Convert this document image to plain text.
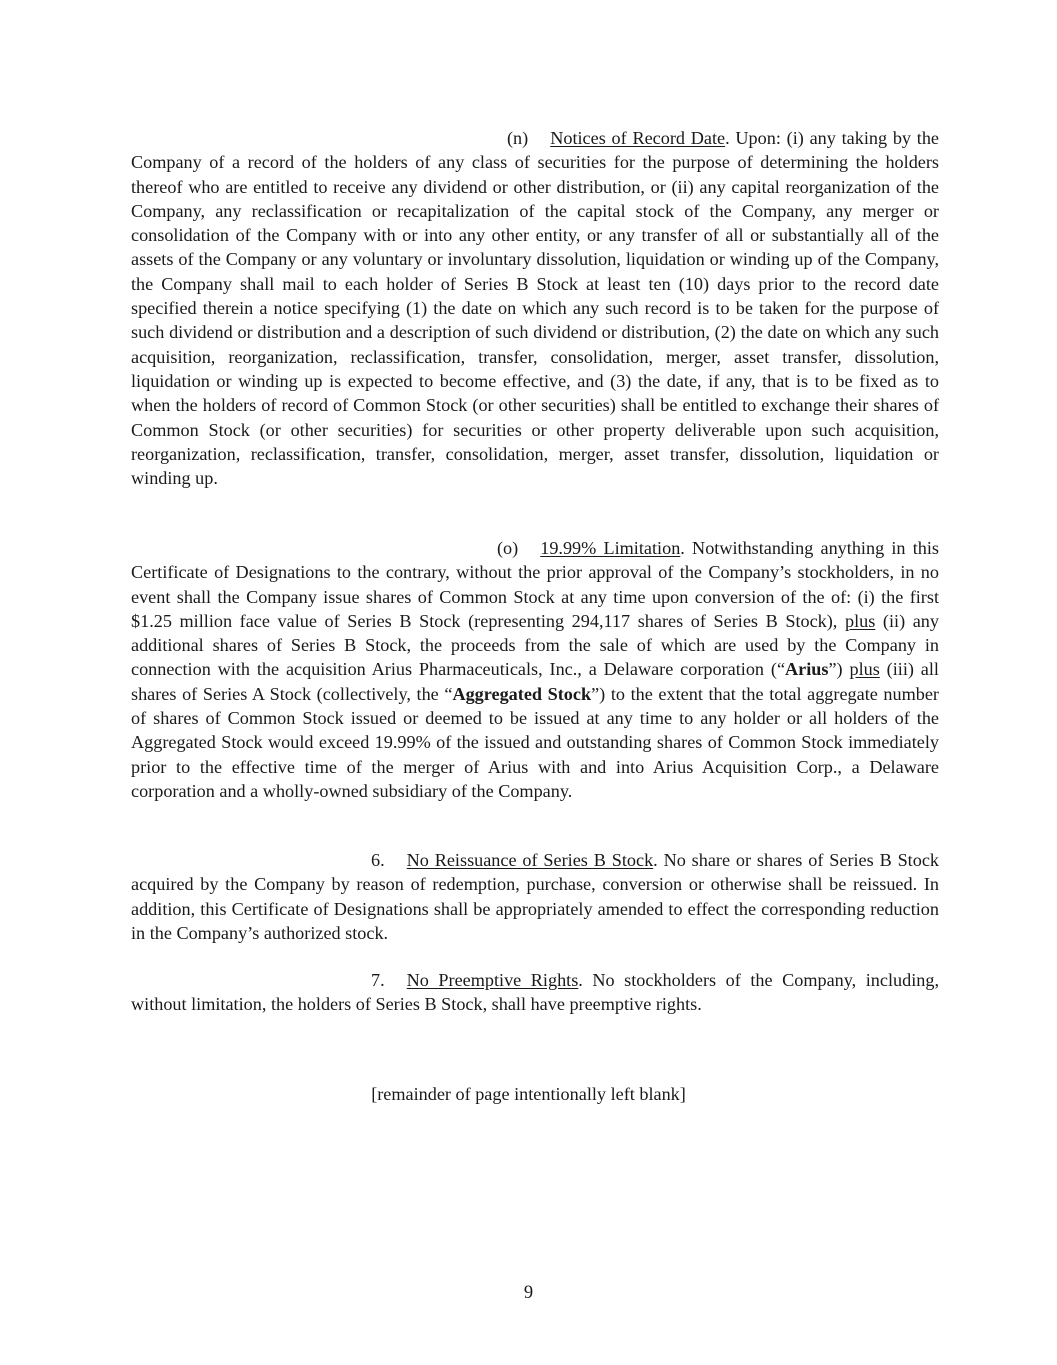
(n) Notices of Record Date. Upon: (i) any taking by the Company of a record of the holders of any class of securities for the purpose of determining the holders thereof who are entitled to receive any dividend or other distribution, or (ii) any capital reorganization of the Company, any reclassification or recapitalization of the capital stock of the Company, any merger or consolidation of the Company with or into any other entity, or any transfer of all or substantially all of the assets of the Company or any voluntary or involuntary dissolution, liquidation or winding up of the Company, the Company shall mail to each holder of Series B Stock at least ten (10) days prior to the record date specified therein a notice specifying (1) the date on which any such record is to be taken for the purpose of such dividend or distribution and a description of such dividend or distribution, (2) the date on which any such acquisition, reorganization, reclassification, transfer, consolidation, merger, asset transfer, dissolution, liquidation or winding up is expected to become effective, and (3) the date, if any, that is to be fixed as to when the holders of record of Common Stock (or other securities) shall be entitled to exchange their shares of Common Stock (or other securities) for securities or other property deliverable upon such acquisition, reorganization, reclassification, transfer, consolidation, merger, asset transfer, dissolution, liquidation or winding up.

(o) 19.99% Limitation. Notwithstanding anything in this Certificate of Designations to the contrary, without the prior approval of the Company’s stockholders, in no event shall the Company issue shares of Common Stock at any time upon conversion of the of: (i) the first $1.25 million face value of Series B Stock (representing 294,117 shares of Series B Stock), plus (ii) any additional shares of Series B Stock, the proceeds from the sale of which are used by the Company in connection with the acquisition Arius Pharmaceuticals, Inc., a Delaware corporation (“Arius”) plus (iii) all shares of Series A Stock (collectively, the “Aggregated Stock”) to the extent that the total aggregate number of shares of Common Stock issued or deemed to be issued at any time to any holder or all holders of the Aggregated Stock would exceed 19.99% of the issued and outstanding shares of Common Stock immediately prior to the effective time of the merger of Arius with and into Arius Acquisition Corp., a Delaware corporation and a wholly-owned subsidiary of the Company.

6. No Reissuance of Series B Stock. No share or shares of Series B Stock acquired by the Company by reason of redemption, purchase, conversion or otherwise shall be reissued. In addition, this Certificate of Designations shall be appropriately amended to effect the corresponding reduction in the Company’s authorized stock.

7. No Preemptive Rights. No stockholders of the Company, including, without limitation, the holders of Series B Stock, shall have preemptive rights.

[remainder of page intentionally left blank]

9
